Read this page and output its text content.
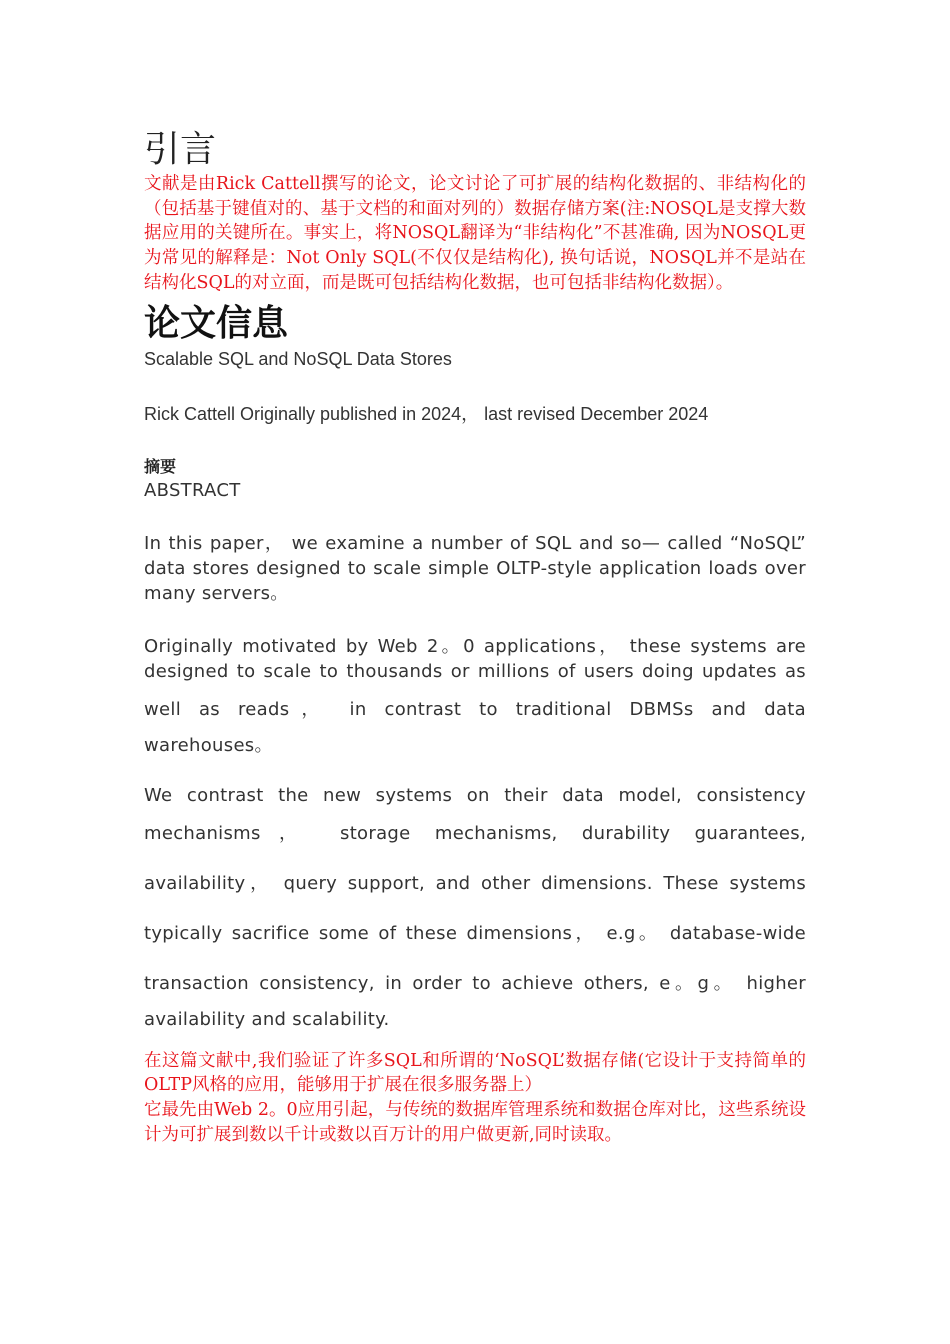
引言

文献是由Rick Cattell撰写的论文，论文讨论了可扩展的结构化数据的、非结构化的（包括基于键值对的、基于文档的和面对列的）数据存储方案(注:NOSQL是支撑大数据应用的关键所在。事实上，将NOSQL翻译为“非结构化”不甚准确, 因为NOSQL更为常见的解释是：Not Only SQL(不仅仅是结构化), 换句话说，NOSQL并不是站在结构化SQL的对立面，而是既可包括结构化数据，也可包括非结构化数据）。

论文信息

Scalable SQL and NoSQL Data Stores

Rick Cattell Originally published in 2024， last revised December 2024

摘要

ABSTRACT

In this paper， we examine a number of SQL and so— called “NoSQL” data stores designed to scale simple OLTP-style application loads over many servers。

Originally motivated by Web 2。0 applications， these systems are designed to scale to thousands or millions of users doing updates as

well as reads， in contrast to traditional DBMSs and data

warehouses。

We contrast the new systems on their data model, consistency

mechanisms， storage mechanisms, durability guarantees,

availability， query support, and other dimensions. These systems

typically sacrifice some of these dimensions， e.g。 database-wide

transaction consistency, in order to achieve others, e。g。 higher

availability and scalability.

在这篇文献中,我们验证了许多SQL和所谓的‘NoSQL’数据存储(它设计于支持简单的OLTP风格的应用，能够用于扩展在很多服务器上）

它最先由Web 2。0应用引起，与传统的数据库管理系统和数据仓库对比，这些系统设计为可扩展到数以千计或数以百万计的用户做更新,同时读取。
